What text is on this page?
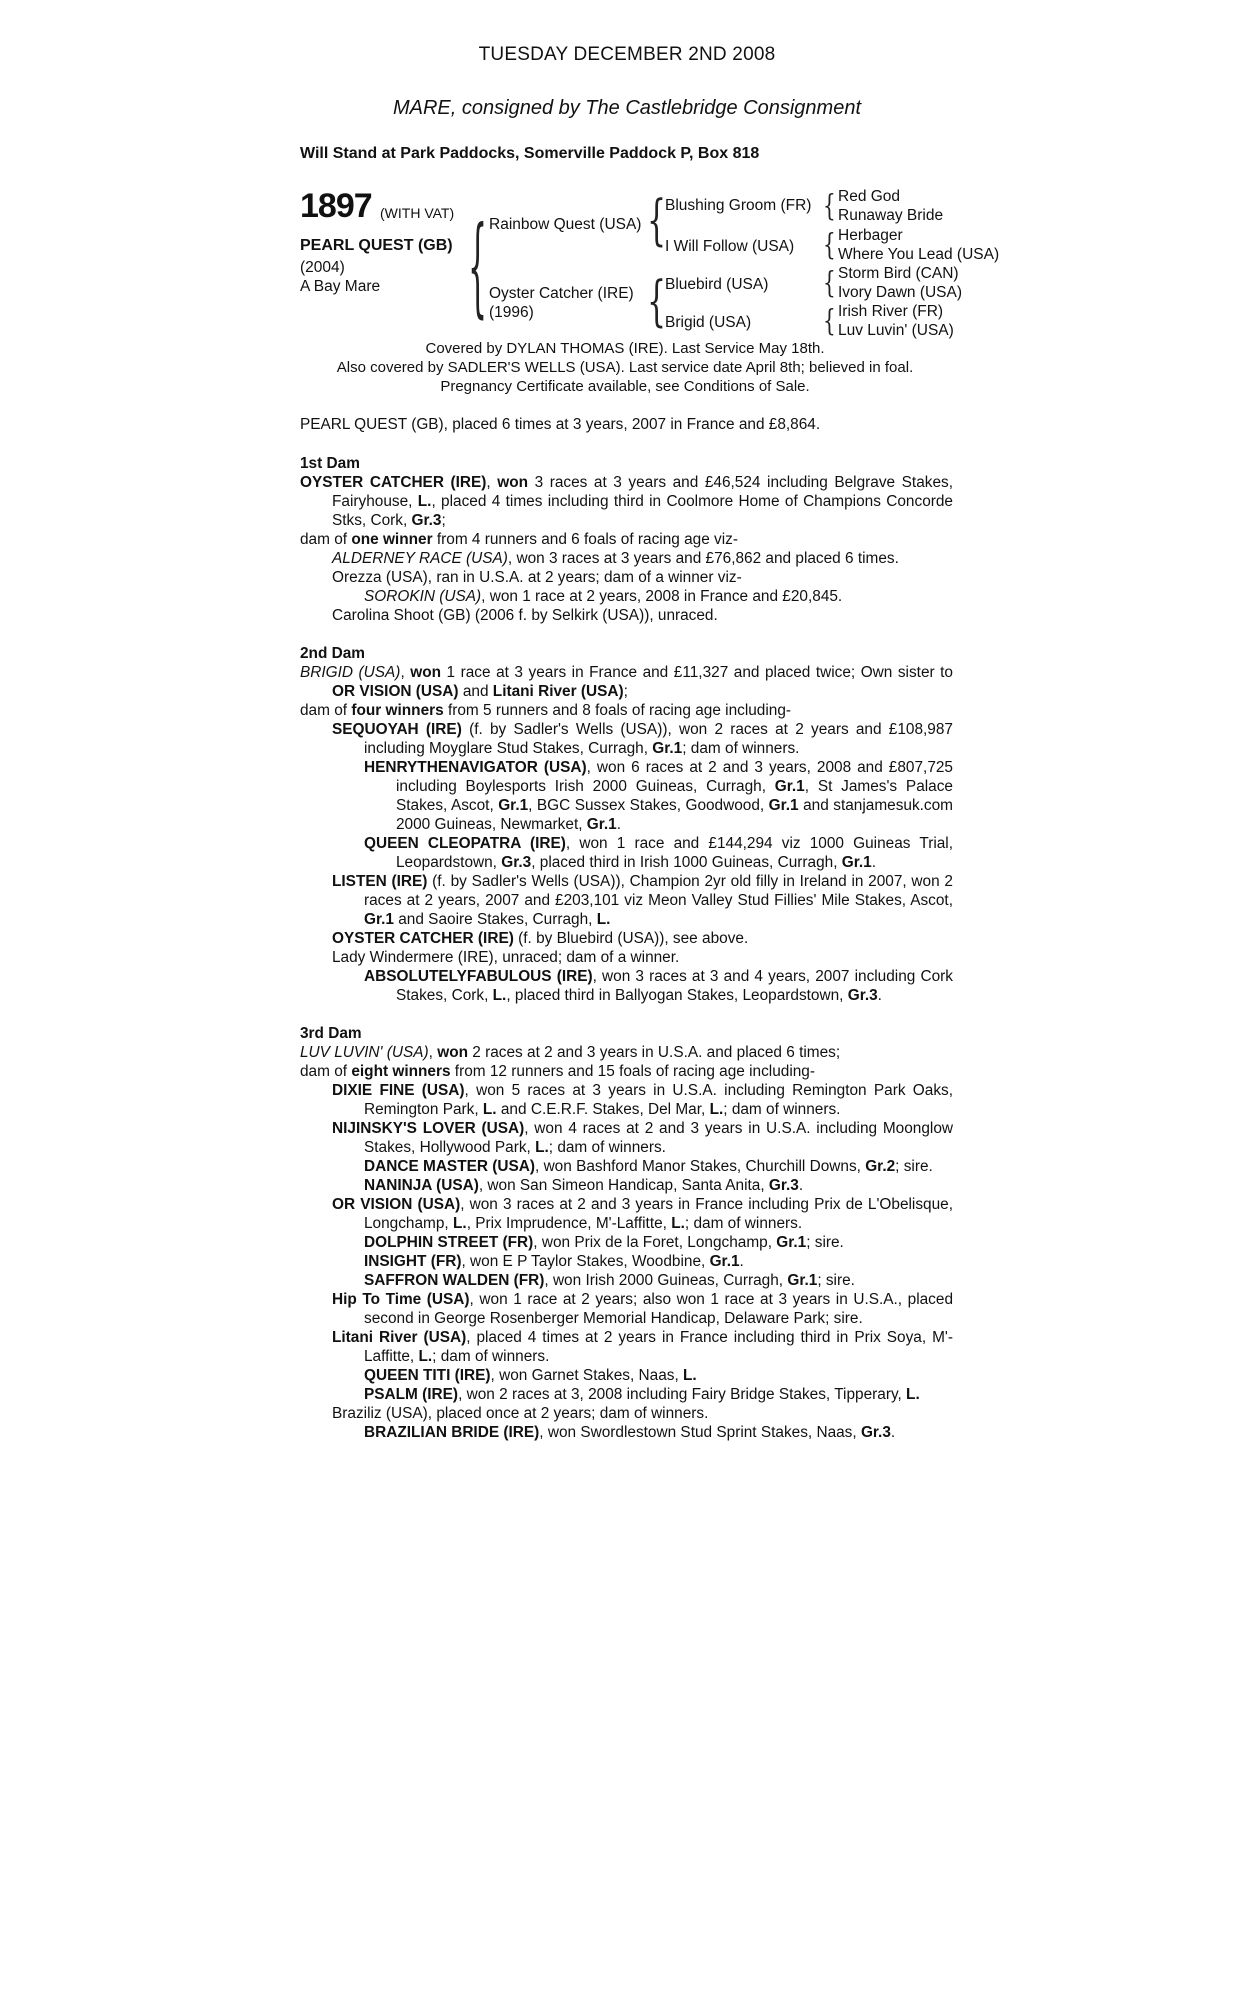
TUESDAY DECEMBER 2ND 2008
MARE, consigned by The Castlebridge Consignment
Will Stand at Park Paddocks, Somerville Paddock P, Box 818
1897 (WITH VAT)
PEARL QUEST (GB)
(2004)
A Bay Mare	{ Rainbow Quest (USA)
Oyster Catcher (IRE)
(1996)
{
{
Blushing Groom (FR)
I Will Follow (USA)
Bluebird (USA)
Brigid (USA)
{
{
{
{
Red God
Runaway Bride
Herbager
Where You Lead (USA)
Storm Bird (CAN)
Ivory Dawn (USA)
Irish River (FR)
Luv Luvin' (USA)
Covered by DYLAN THOMAS (IRE). Last Service May 18th.
Also covered by SADLER'S WELLS (USA). Last service date April 8th; believed in foal.
Pregnancy Certificate available, see Conditions of Sale.
PEARL QUEST (GB), placed 6 times at 3 years, 2007 in France and £8,864.

1st Dam

OYSTER CATCHER (IRE), won 3 races at 3 years and £46,524 including Belgrave Stakes, Fairyhouse, L., placed 4 times including third in Coolmore Home of Champions Concorde Stks, Cork, Gr.3;

dam of one winner from 4 runners and 6 foals of racing age viz-

ALDERNEY RACE (USA), won 3 races at 3 years and £76,862 and placed 6 times.

Orezza (USA), ran in U.S.A. at 2 years; dam of a winner viz-

SOROKIN (USA), won 1 race at 2 years, 2008 in France and £20,845.

Carolina Shoot (GB) (2006 f. by Selkirk (USA)), unraced.

2nd Dam

BRIGID (USA), won 1 race at 3 years in France and £11,327 and placed twice; Own sister to OR VISION (USA) and Litani River (USA);

dam of four winners from 5 runners and 8 foals of racing age including-

SEQUOYAH (IRE) (f. by Sadler's Wells (USA)), won 2 races at 2 years and £108,987 including Moyglare Stud Stakes, Curragh, Gr.1; dam of winners.

HENRYTHENAVIGATOR (USA), won 6 races at 2 and 3 years, 2008 and £807,725 including Boylesports Irish 2000 Guineas, Curragh, Gr.1, St James's Palace Stakes, Ascot, Gr.1, BGC Sussex Stakes, Goodwood, Gr.1 and stanjamesuk.com 2000 Guineas, Newmarket, Gr.1.

QUEEN CLEOPATRA (IRE), won 1 race and £144,294 viz 1000 Guineas Trial, Leopardstown, Gr.3, placed third in Irish 1000 Guineas, Curragh, Gr.1.

LISTEN (IRE) (f. by Sadler's Wells (USA)), Champion 2yr old filly in Ireland in 2007, won 2 races at 2 years, 2007 and £203,101 viz Meon Valley Stud Fillies' Mile Stakes, Ascot, Gr.1 and Saoire Stakes, Curragh, L.

OYSTER CATCHER (IRE) (f. by Bluebird (USA)), see above.

Lady Windermere (IRE), unraced; dam of a winner.

ABSOLUTELYFABULOUS (IRE), won 3 races at 3 and 4 years, 2007 including Cork Stakes, Cork, L., placed third in Ballyogan Stakes, Leopardstown, Gr.3.

3rd Dam

LUV LUVIN' (USA), won 2 races at 2 and 3 years in U.S.A. and placed 6 times;

dam of eight winners from 12 runners and 15 foals of racing age including-

DIXIE FINE (USA), won 5 races at 3 years in U.S.A. including Remington Park Oaks, Remington Park, L. and C.E.R.F. Stakes, Del Mar, L.; dam of winners.

NIJINSKY'S LOVER (USA), won 4 races at 2 and 3 years in U.S.A. including Moonglow Stakes, Hollywood Park, L.; dam of winners.

DANCE MASTER (USA), won Bashford Manor Stakes, Churchill Downs, Gr.2; sire.

NANINJA (USA), won San Simeon Handicap, Santa Anita, Gr.3.

OR VISION (USA), won 3 races at 2 and 3 years in France including Prix de L'Obelisque, Longchamp, L., Prix Imprudence, M'-Laffitte, L.; dam of winners.

DOLPHIN STREET (FR), won Prix de la Foret, Longchamp, Gr.1; sire.

INSIGHT (FR), won E P Taylor Stakes, Woodbine, Gr.1.

SAFFRON WALDEN (FR), won Irish 2000 Guineas, Curragh, Gr.1; sire.

Hip To Time (USA), won 1 race at 2 years; also won 1 race at 3 years in U.S.A., placed second in George Rosenberger Memorial Handicap, Delaware Park; sire.

Litani River (USA), placed 4 times at 2 years in France including third in Prix Soya, M'-Laffitte, L.; dam of winners.

QUEEN TITI (IRE), won Garnet Stakes, Naas, L.

PSALM (IRE), won 2 races at 3, 2008 including Fairy Bridge Stakes, Tipperary, L.

Braziliz (USA), placed once at 2 years; dam of winners.

BRAZILIAN BRIDE (IRE), won Swordlestown Stud Sprint Stakes, Naas, Gr.3.
